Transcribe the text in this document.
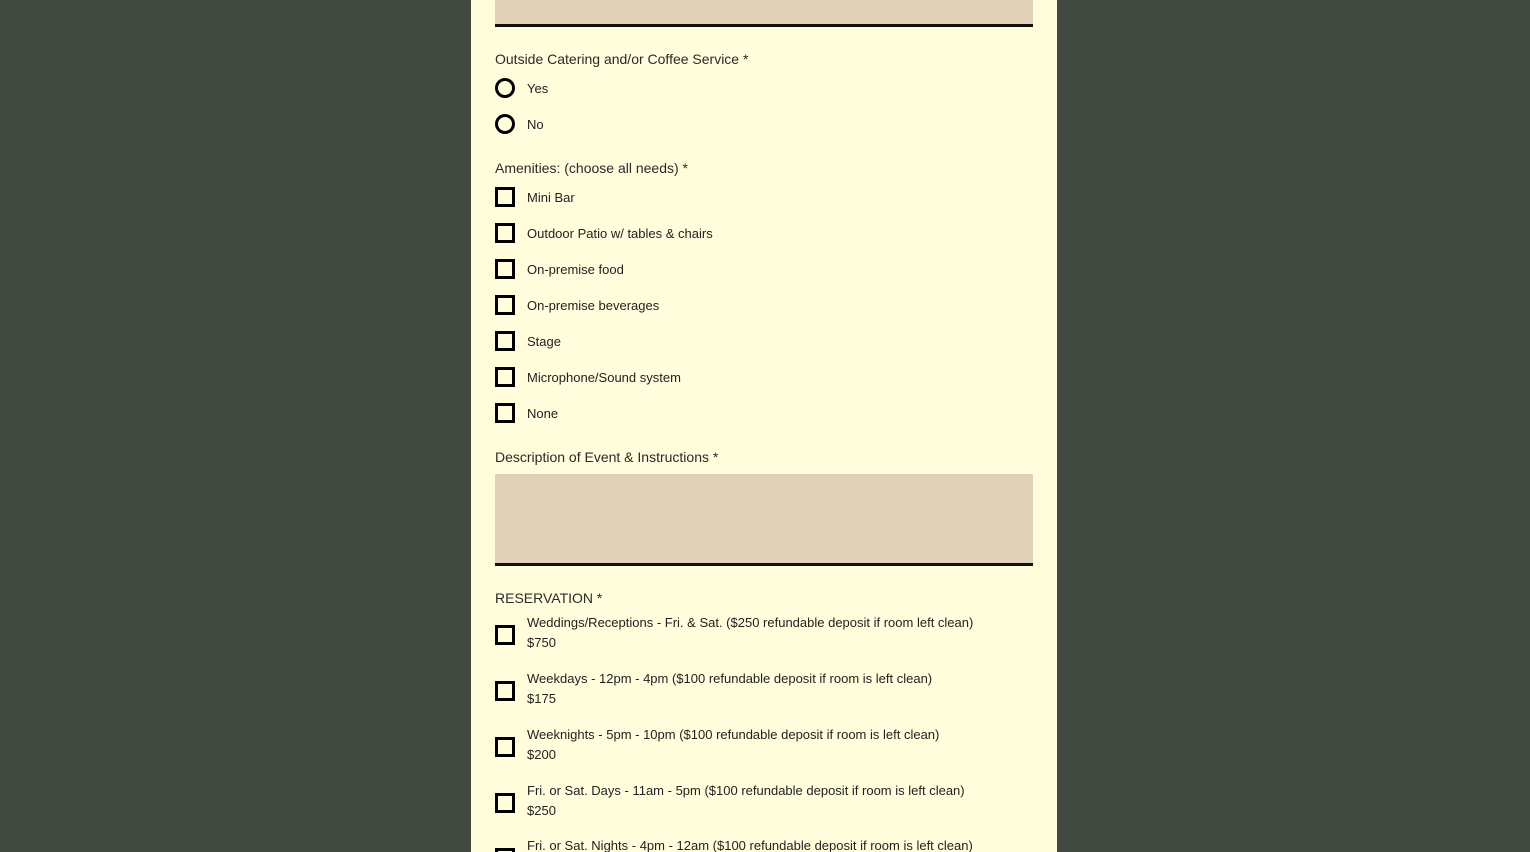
Outside Catering and/or Coffee Service *
Yes
No
Amenities: (choose all needs) *
Mini Bar
Outdoor Patio w/ tables & chairs
On-premise food
On-premise beverages
Stage
Microphone/Sound system
None
Description of Event & Instructions *
RESERVATION *
Weddings/Receptions - Fri. & Sat. ($250 refundable deposit if room left clean)
$750
Weekdays - 12pm - 4pm ($100 refundable deposit if room is left clean)
$175
Weeknights - 5pm - 10pm ($100 refundable deposit if room is left clean)
$200
Fri. or Sat. Days - 11am - 5pm ($100 refundable deposit if room is left clean)
$250
Fri. or Sat. Nights - 4pm - 12am ($100 refundable deposit if room is left clean)
